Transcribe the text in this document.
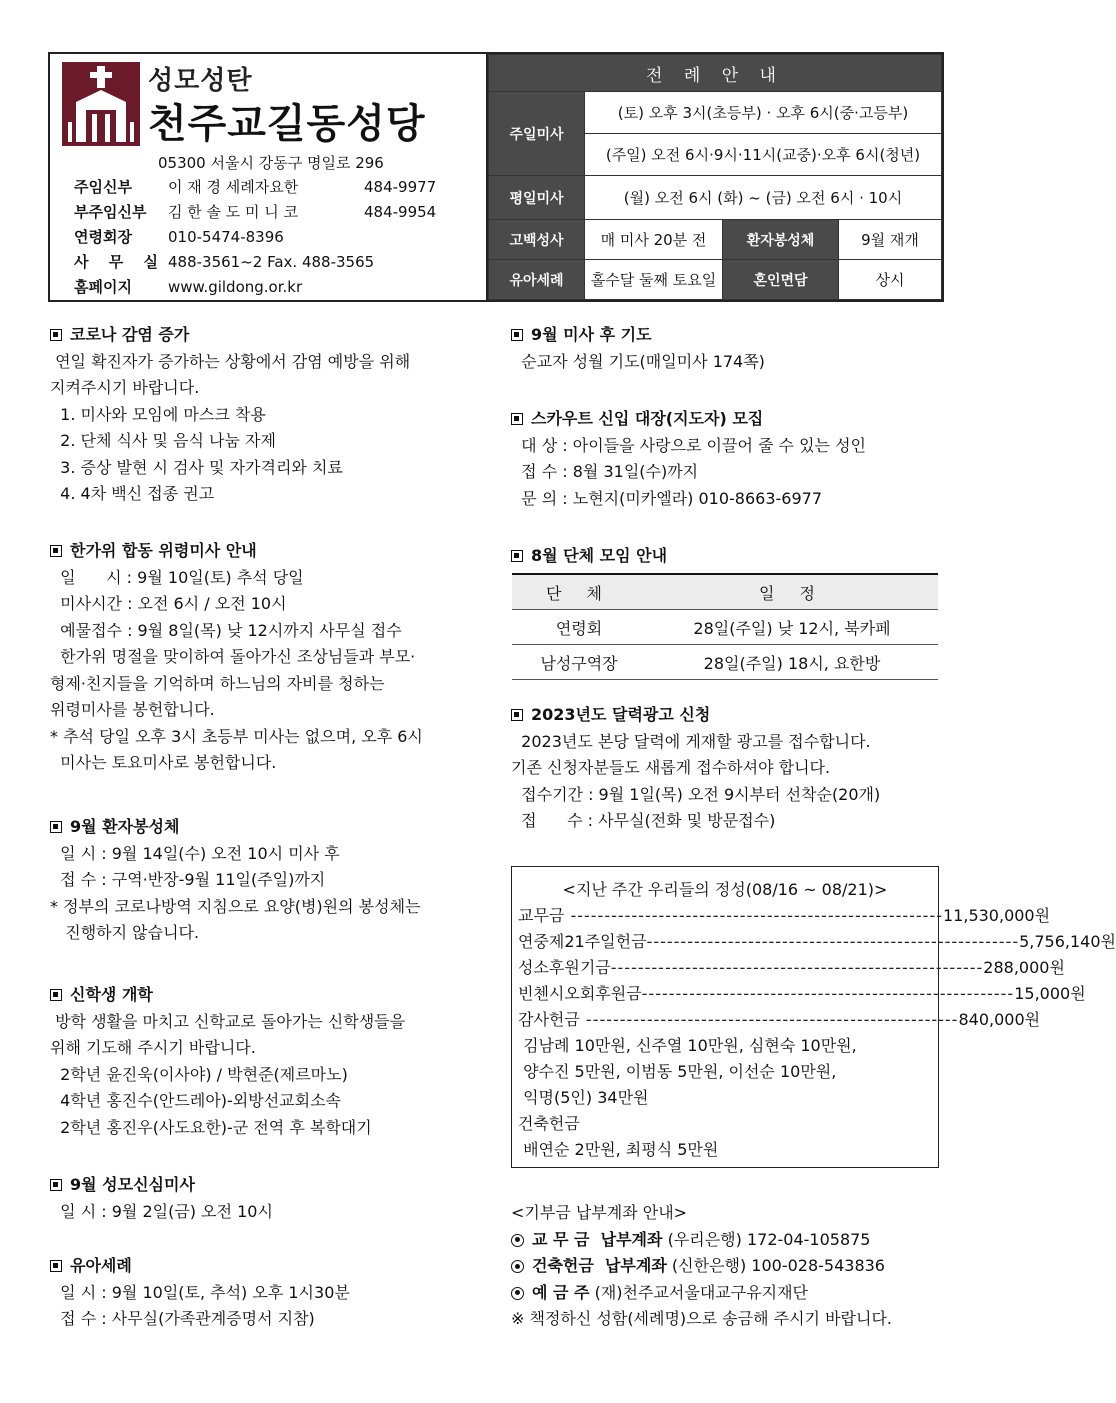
성모성탄
천주교길동성당
05300 서울시 강동구 명일로 296
주임신부 이 재 경 세례자요한	484-9977
부주임신부 김 한 솔 도 미 니 코	484-9954
연령회장 010-5474-8396
사 무 실 488-3561~2 Fax. 488-3565
홈페이지 www.gildong.or.kr
전 례 안 내			
주일미사	(토) 오후 3시(초등부) · 오후 6시(중·고등부)		
	(주일) 오전 6시·9시·11시(교중)·오후 6시(청년)		
평일미사	(월) 오전 6시 (화) ~ (금) 오전 6시 · 10시		
고백성사	매 미사 20분 전	환자봉성체	9월 재개
유아세례	홀수달 둘째 토요일	혼인면담	상시
코로나 감염 증가
연일 확진자가 증가하는 상황에서 감염 예방을 위해
지켜주시기 바랍니다.
1. 미사와 모임에 마스크 착용
2. 단체 식사 및 음식 나눔 자제
3. 증상 발현 시 검사 및 자가격리와 치료
4. 4차 백신 접종 권고
한가위 합동 위령미사 안내
일      시 : 9월 10일(토) 추석 당일
미사시간 : 오전 6시 / 오전 10시
예물접수 : 9월 8일(목) 낮 12시까지 사무실 접수
한가위 명절을 맞이하여 돌아가신 조상님들과 부모·
형제·친지들을 기억하며 하느님의 자비를 청하는
위령미사를 봉헌합니다.
* 추석 당일 오후 3시 초등부 미사는 없으며, 오후 6시
미사는 토요미사로 봉헌합니다.
9월 환자봉성체
일 시 : 9월 14일(수) 오전 10시 미사 후
접 수 : 구역·반장-9월 11일(주일)까지
* 정부의 코로나방역 지침으로 요양(병)원의 봉성체는
진행하지 않습니다.
신학생 개학
방학 생활을 마치고 신학교로 돌아가는 신학생들을
위해 기도해 주시기 바랍니다.
2학년 윤진욱(이사야) / 박현준(제르마노)
4학년 홍진수(안드레아)-외방선교회소속
2학년 홍진우(사도요한)-군 전역 후 복학대기
9월 성모신심미사
일 시 : 9월 2일(금) 오전 10시
유아세례
일 시 : 9월 10일(토, 추석) 오후 1시30분
접 수 : 사무실(가족관계증명서 지참)
9월 미사 후 기도
순교자 성월 기도(매일미사 174쪽)
스카우트 신입 대장(지도자) 모집
대 상 : 아이들을 사랑으로 이끌어 줄 수 있는 성인
접 수 : 8월 31일(수)까지
문 의 : 노현지(미카엘라) 010-8663-6977
8월 단체 모임 안내
단 체	일 정
연령회	28일(주일) 낮 12시, 북카페
남성구역장	28일(주일) 18시, 요한방
2023년도 달력광고 신청
2023년도 본당 달력에 게재할 광고를 접수합니다.
기존 신청자분들도 새롭게 접수하셔야 합니다.
접수기간 : 9월 1일(목) 오전 9시부터 선착순(20개)
접      수 : 사무실(전화 및 방문접수)
<지난 주간 우리들의 정성(08/16 ~ 08/21)>
교무금 ------------------------------------------------------- 11,530,000원
연중제21주일헌금 ------------------------------------------------------- 5,756,140원
성소후원기금 ------------------------------------------------------- 288,000원
빈첸시오회후원금 ------------------------------------------------------- 15,000원
감사헌금 ------------------------------------------------------- 840,000원
김남례 10만원, 신주열 10만원, 심현숙 10만원,
양수진 5만원, 이범동 5만원, 이선순 10만원,
익명(5인) 34만원
건축헌금
배연순 2만원, 최평식 5만원
<기부금 납부계좌 안내>
교 무 금  납부계좌 (우리은행) 172-04-105875
건축헌금  납부계좌 (신한은행) 100-028-543836
예 금 주 (재)천주교서울대교구유지재단
※ 책정하신 성함(세례명)으로 송금해 주시기 바랍니다.
